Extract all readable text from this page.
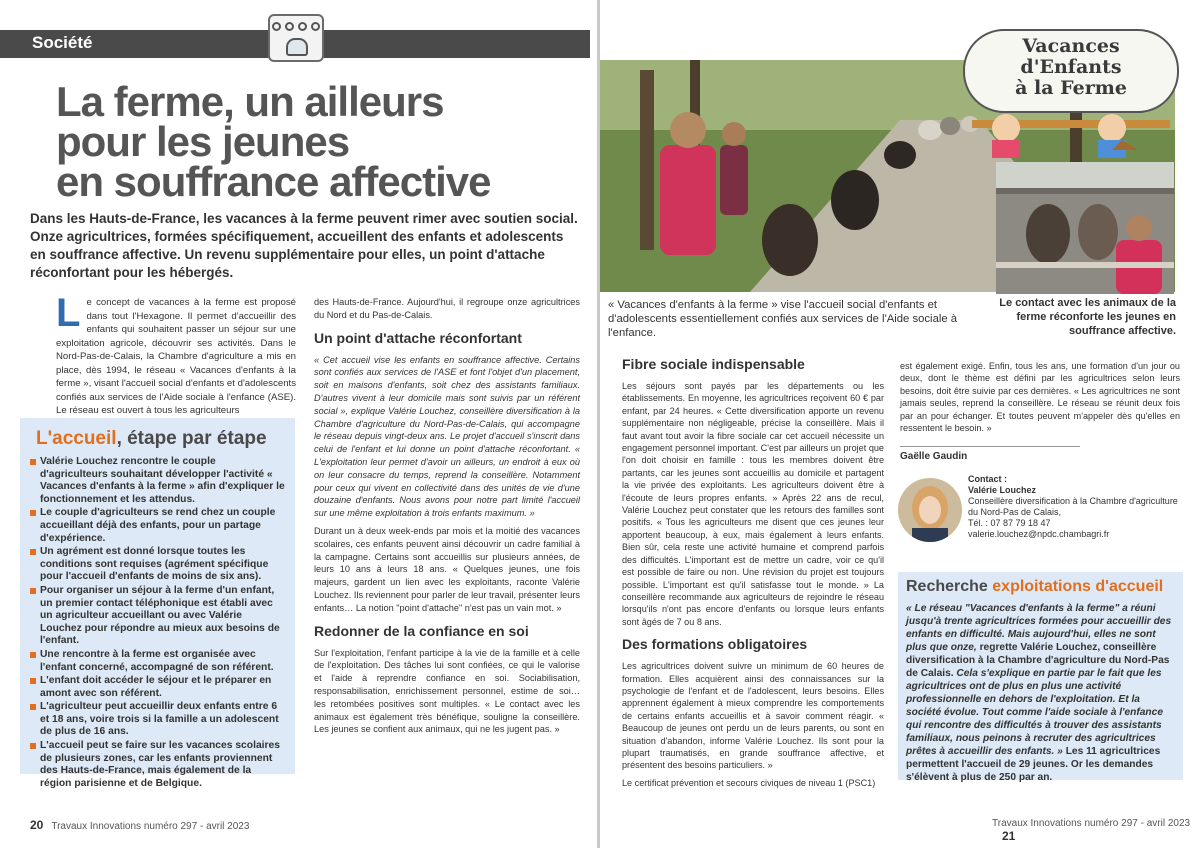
Société
La ferme, un ailleurs
pour les jeunes
en souffrance affective

Dans les Hauts-de-France, les vacances à la ferme peuvent rimer avec soutien social. Onze agricultrices, formées spécifiquement, accueillent des enfants et adolescents en souffrance affective. Un revenu supplémentaire pour elles, un point d'attache réconfortant pour les hébergés.

Le concept de vacances à la ferme est proposé dans tout l'Hexagone. Il permet d'accueillir des enfants qui souhaitent passer un séjour sur une exploitation agricole, découvrir ses activités. Dans le Nord-Pas-de-Calais, la Chambre d'agriculture a mis en place, dès 1994, le réseau « Vacances d'enfants à la ferme », visant l'accueil social d'enfants et d'adolescents confiés aux services de l'Aide sociale à l'enfance (ASE). Le réseau est ouvert à tous les agriculteurs

L'accueil, étape par étape
Valérie Louchez rencontre le couple d'agriculteurs souhaitant développer l'activité « Vacances d'enfants à la ferme » afin d'expliquer le fonctionnement et les attendus.
Le couple d'agriculteurs se rend chez un couple accueillant déjà des enfants, pour un partage d'expérience.
Un agrément est donné lorsque toutes les conditions sont requises (agrément spécifique pour l'accueil d'enfants de moins de six ans).
Pour organiser un séjour à la ferme d'un enfant, un premier contact téléphonique est établi avec un agriculteur accueillant ou avec Valérie Louchez pour répondre au mieux aux besoins de l'enfant.
Une rencontre à la ferme est organisée avec l'enfant concerné, accompagné de son référent.
L'enfant doit accéder le séjour et le préparer en amont avec son référent.
L'agriculteur peut accueillir deux enfants entre 6 et 18 ans, voire trois si la famille a un adolescent de plus de 16 ans.
L'accueil peut se faire sur les vacances scolaires de plusieurs zones, car les enfants proviennent des Hauts-de-France, mais également de la région parisienne et de Belgique.

des Hauts-de-France. Aujourd'hui, il regroupe onze agricultrices du Nord et du Pas-de-Calais.

Un point d'attache réconfortant

« Cet accueil vise les enfants en souffrance affective. Certains sont confiés aux services de l'ASE et font l'objet d'un placement, soit en maisons d'enfants, soit chez des assistants familiaux. D'autres vivent à leur domicile mais sont suivis par un référent social », explique Valérie Louchez, conseillère diversification à la Chambre d'agriculture du Nord-Pas-de-Calais, qui accompagne le réseau depuis vingt-deux ans. Le projet d'accueil s'inscrit dans celui de l'enfant et lui donne un point d'attache réconfortant. « L'exploitation leur permet d'avoir un ailleurs, un endroit à eux où on leur consacre du temps, reprend la conseillère. Notamment pour ceux qui vivent en collectivité dans des unités de vie d'une douzaine d'enfants. Nous avons pour notre part limité l'accueil sur une même exploitation à trois enfants maximum. »

Durant un à deux week-ends par mois et la moitié des vacances scolaires, ces enfants peuvent ainsi découvrir un cadre familial à la campagne. Certains sont accueillis sur plusieurs années, de leurs 10 ans à leurs 18 ans. « Quelques jeunes, une fois majeurs, gardent un lien avec les exploitants, raconte Valérie Louchez. Ils reviennent pour parler de leur travail, présenter leurs enfants… La notion "point d'attache" n'est pas un vain mot. »

Redonner de la confiance en soi

Sur l'exploitation, l'enfant participe à la vie de la famille et à celle de l'exploitation. Des tâches lui sont confiées, ce qui le valorise et l'aide à reprendre confiance en soi. Sociabilisation, responsabilisation, enrichissement personnel, estime de soi… les retombées positives sont multiples. « Le contact avec les animaux est également très bénéfique, souligne la conseillère. Les jeunes se confient aux animaux, qui ne les jugent pas. »

20 Travaux Innovations numéro 297 - avril 2023
Vacances
d'Enfants
à la Ferme

« Vacances d'enfants à la ferme » vise l'accueil social d'enfants et d'adolescents essentiellement confiés aux services de l'Aide sociale à l'enfance.

Le contact avec les animaux de la ferme réconforte les jeunes en souffrance affective.

Fibre sociale indispensable

Les séjours sont payés par les départements ou les établissements. En moyenne, les agricultrices reçoivent 60 € par enfant, par 24 heures. « Cette diversification apporte un revenu supplémentaire non négligeable, précise la conseillère. Mais il faut avant tout avoir la fibre sociale car cet accueil nécessite un engagement personnel important. C'est par ailleurs un projet que l'on doit choisir en famille : tous les membres doivent être partants, car les jeunes sont accueillis au domicile et partagent la vie privée des exploitants. Les agriculteurs doivent être à l'écoute de leurs propres enfants. » Après 22 ans de recul, Valérie Louchez peut constater que les retours des familles sont positifs. « Tous les agriculteurs me disent que ces jeunes leur apportent beaucoup, à eux, mais également à leurs enfants. Bien sûr, cela reste une activité humaine et comprend parfois des difficultés. L'important est de mettre un cadre, voir ce qu'il est possible de faire ou non. Une révision du projet est toujours possible. L'important est qu'il satisfasse tout le monde. » La conseillère recommande aux agriculteurs de rejoindre le réseau lorsqu'ils n'ont pas encore d'enfants ou lorsque leurs enfants sont âgés de 7 ou 8 ans.

Des formations obligatoires

Les agricultrices doivent suivre un minimum de 60 heures de formation. Elles acquièrent ainsi des connaissances sur la psychologie de l'enfant et de l'adolescent, leurs besoins. Elles apprennent également à mieux comprendre les comportements de certains enfants accueillis et à savoir comment réagir. « Beaucoup de jeunes ont perdu un de leurs parents, ou sont en situation d'abandon, informe Valérie Louchez. Ils sont pour la plupart traumatisés, en grande souffrance affective, et présentent des besoins particuliers. »

Le certificat prévention et secours civiques de niveau 1 (PSC1)

est également exigé. Enfin, tous les ans, une formation d'un jour ou deux, dont le thème est défini par les agricultrices selon leurs besoins, doit être suivie par ces dernières. « Les agricultrices ne sont jamais seules, reprend la conseillère. Le réseau se réunit deux fois par an pour échanger. Et toutes peuvent m'appeler dès qu'elles en ressentent le besoin. »

Gaëlle Gaudin
Contact :
Valérie Louchez
Conseillère diversification à la Chambre d'agriculture du Nord-Pas de Calais,
Tél. : 07 87 79 18 47
valerie.louchez@npdc.chambagri.fr
Recherche exploitations d'accueil

« Le réseau "Vacances d'enfants à la ferme" a réuni jusqu'à trente agricultrices formées pour accueillir des enfants en difficulté. Mais aujourd'hui, elles ne sont plus que onze, regrette Valérie Louchez, conseillère diversification à la Chambre d'agriculture du Nord-Pas de Calais. Cela s'explique en partie par le fait que les agricultrices ont de plus en plus une activité professionnelle en dehors de l'exploitation. Et la société évolue. Tout comme l'aide sociale à l'enfance qui rencontre des difficultés à trouver des assistants familiaux, nous peinons à recruter des agricultrices prêtes à accueillir des enfants. » Les 11 agricultrices permettent l'accueil de 29 jeunes. Or les demandes s'élèvent à plus de 250 par an.

Travaux Innovations numéro 297 - avril 2023 21
